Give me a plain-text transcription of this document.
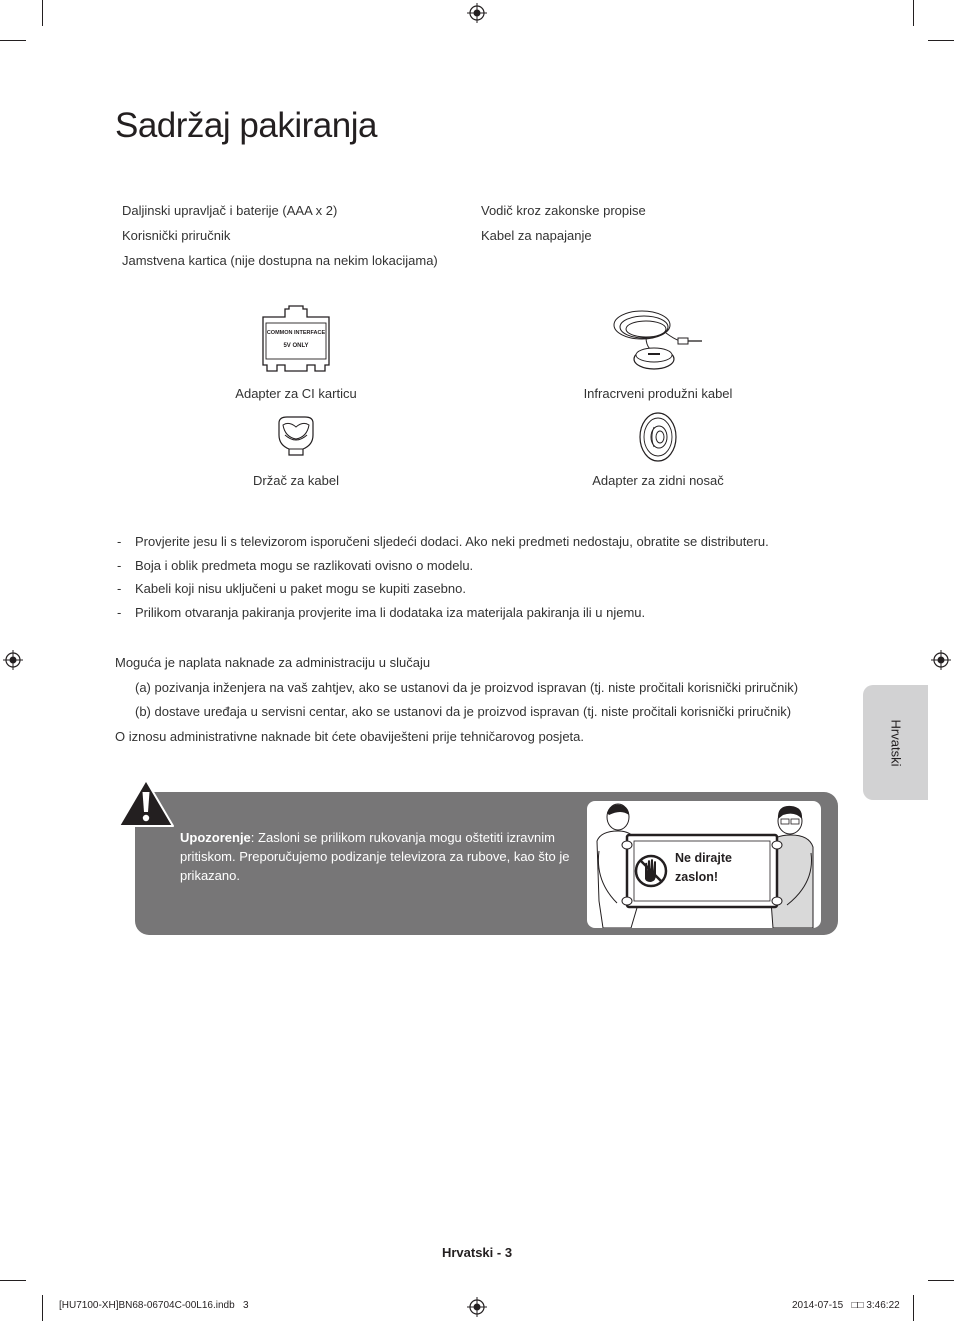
Sadržaj pakiranja
Daljinski upravljač i baterije (AAA x 2)
Korisnički priručnik
Jamstvena kartica (nije dostupna na nekim lokacijama)
Vodič kroz zakonske propise
Kabel za napajanje
COMMON INTERFACE
5V ONLY
Adapter za CI karticu	Infracrveni produžni kabel
Držač za kabel	Adapter za zidni nosač
- Provjerite jesu li s televizorom isporučeni sljedeći dodaci. Ako neki predmeti nedostaju, obratite se distributeru.
- Boja i oblik predmeta mogu se razlikovati ovisno o modelu.
- Kabeli koji nisu uključeni u paket mogu se kupiti zasebno.
- Prilikom otvaranja pakiranja provjerite ima li dodataka iza materijala pakiranja ili u njemu.
Moguća je naplata naknade za administraciju u slučaju
(a) pozivanja inženjera na vaš zahtjev, ako se ustanovi da je proizvod ispravan (tj. niste pročitali korisnički priručnik)
(b) dostave uređaja u servisni centar, ako se ustanovi da je proizvod ispravan (tj. niste pročitali korisnički priručnik)
O iznosu administrativne naknade bit ćete obaviješteni prije tehničarovog posjeta.
Upozorenje: Zasloni se prilikom rukovanja mogu oštetiti izravnim pritiskom. Preporučujemo podizanje televizora za rubove, kao što je prikazano.
Ne dirajte
zaslon!
Hrvatski
Hrvatski - 3
[HU7100-XH]BN68-06704C-00L16.indb   3	2014-07-15   □□ 3:46:22
